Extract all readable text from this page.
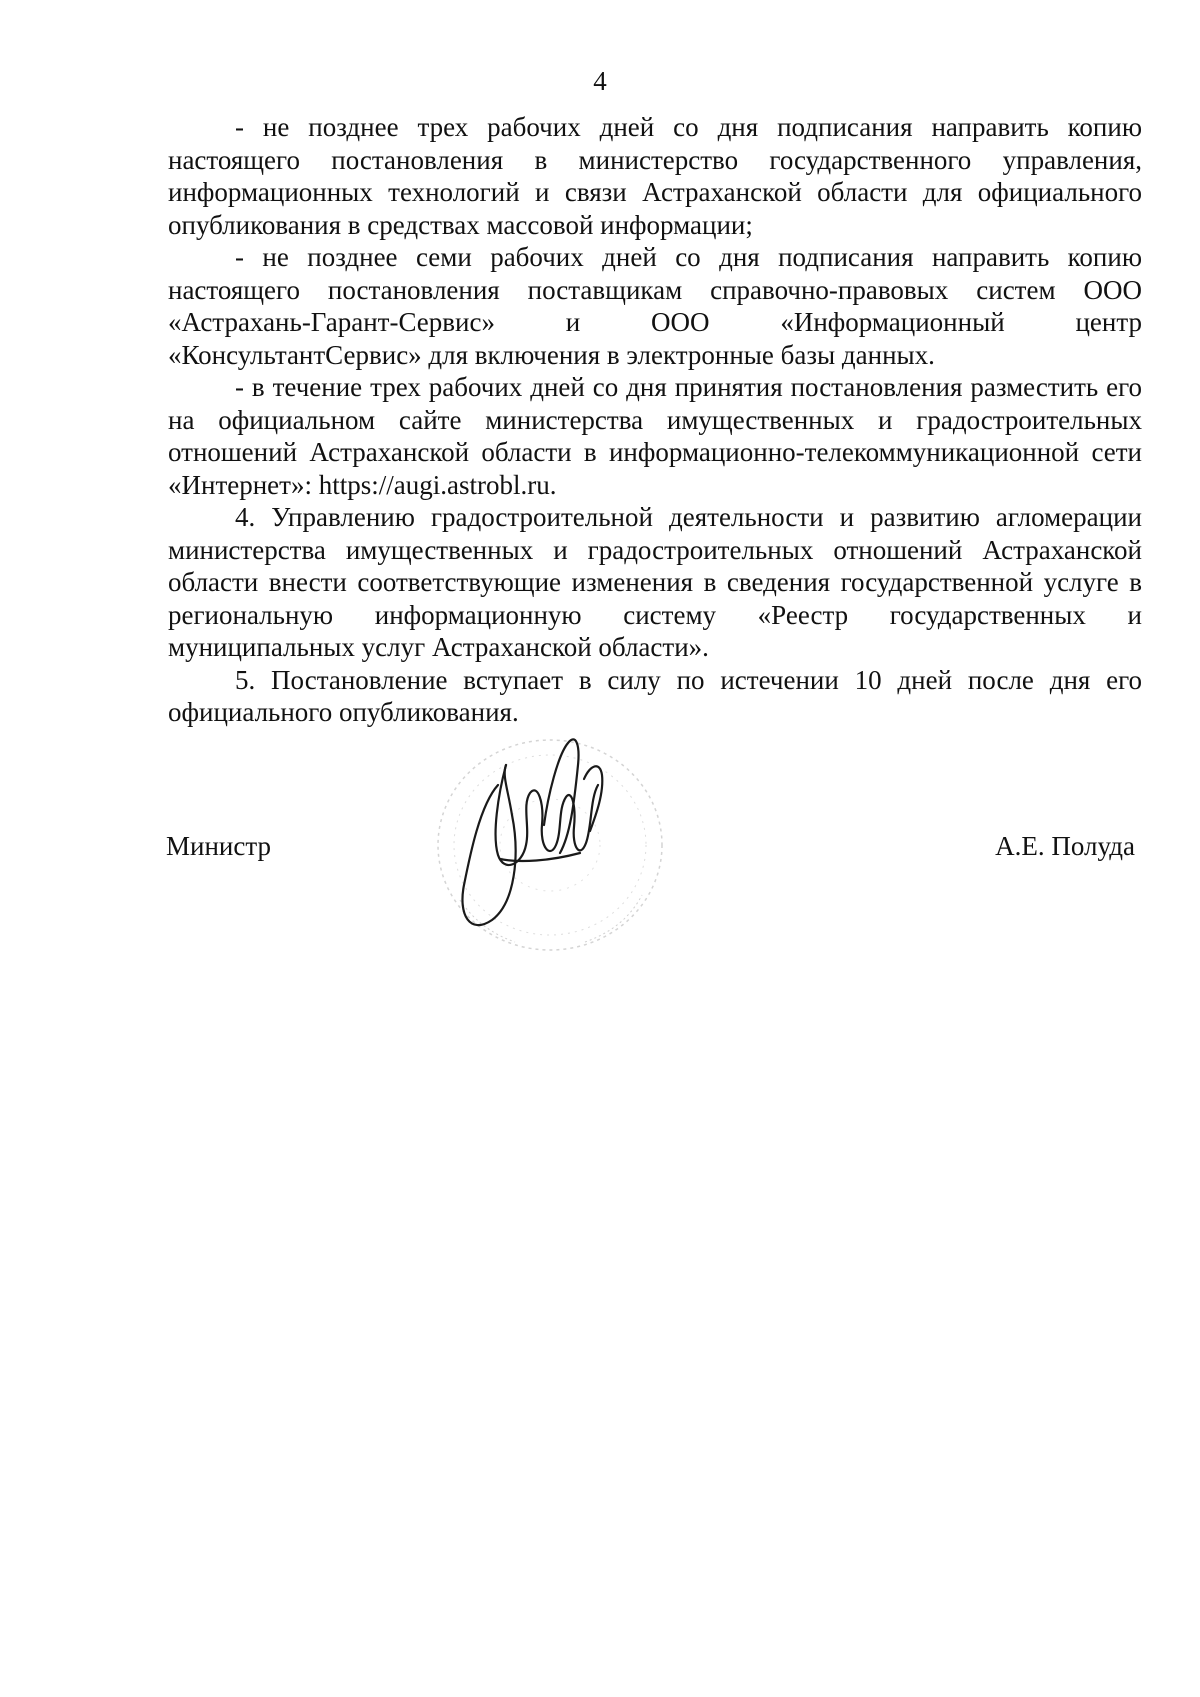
4

- не позднее трех рабочих дней со дня подписания направить копию настоящего постановления в министерство государственного управления, информационных технологий и связи Астраханской области для официального опубликования в средствах массовой информации;

- не позднее семи рабочих дней со дня подписания направить копию настоящего постановления поставщикам справочно-правовых систем ООО «Астрахань-Гарант-Сервис» и ООО «Информационный центр «КонсультантСервис» для включения в электронные базы данных.

- в течение трех рабочих дней со дня принятия постановления разместить его на официальном сайте министерства имущественных и градостроительных отношений Астраханской области в информационно-телекоммуникационной сети «Интернет»: https://augi.astrobl.ru.

4. Управлению градостроительной деятельности и развитию агломерации министерства имущественных и градостроительных отношений Астраханской области внести соответствующие изменения в сведения государственной услуге в региональную информационную систему «Реестр государственных и муниципальных услуг Астраханской области».

5. Постановление вступает в силу по истечении 10 дней после дня его официального опубликования.

Министр	А.Е. Полуда
